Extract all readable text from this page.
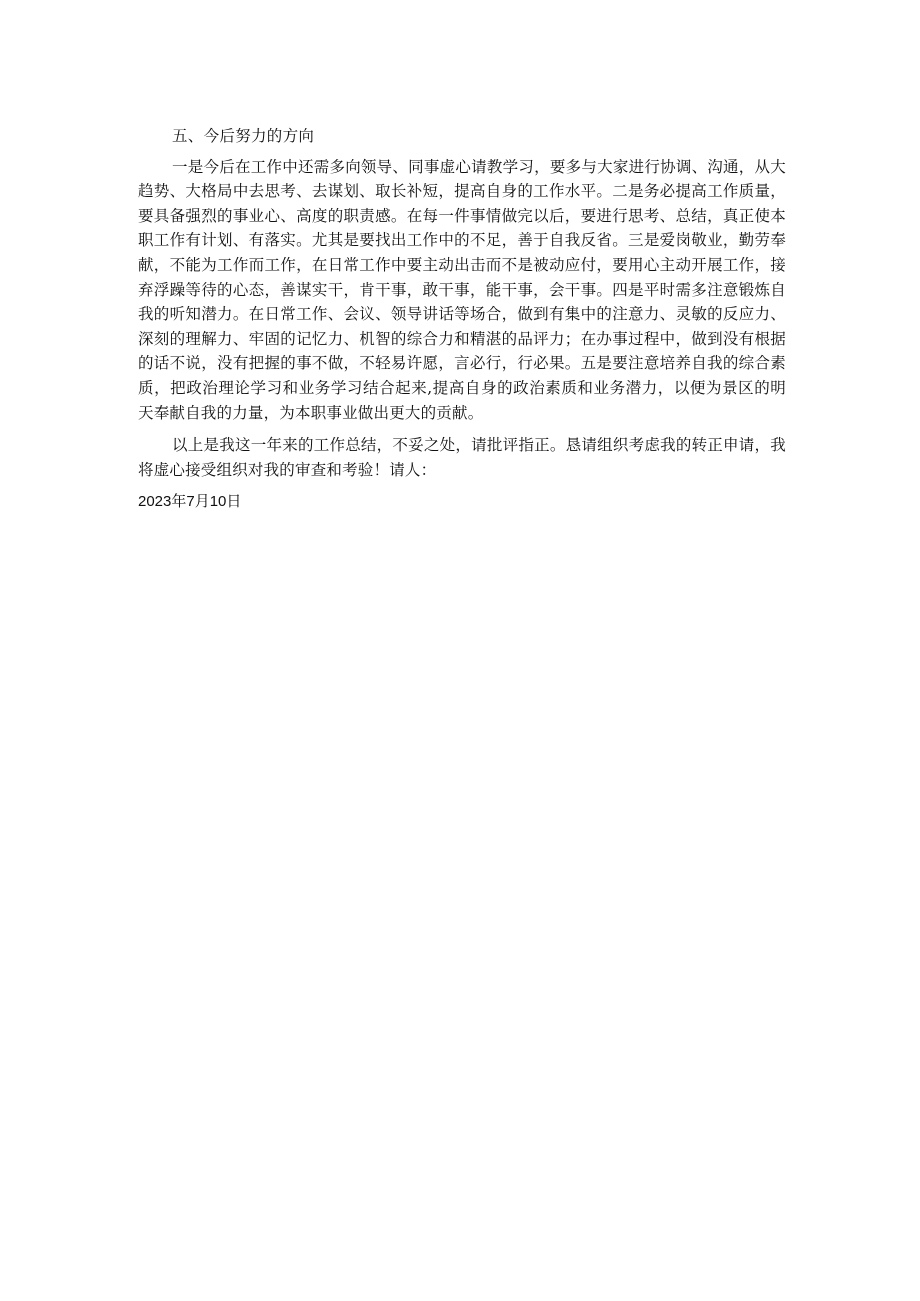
五、今后努力的方向

一是今后在工作中还需多向领导、同事虚心请教学习，要多与大家进行协调、沟通，从大趋势、大格局中去思考、去谋划、取长补短，提高自身的工作水平。二是务必提高工作质量，要具备强烈的事业心、高度的职责感。在每一件事情做完以后，要进行思考、总结，真正使本职工作有计划、有落实。尤其是要找出工作中的不足，善于自我反省。三是爱岗敬业，勤劳奉献，不能为工作而工作，在日常工作中要主动出击而不是被动应付，要用心主动开展工作，接弃浮躁等待的心态，善谋实干，肯干事，敢干事，能干事，会干事。四是平时需多注意锻炼自我的听知潜力。在日常工作、会议、领导讲话等场合，做到有集中的注意力、灵敏的反应力、深刻的理解力、牢固的记忆力、机智的综合力和精湛的品评力；在办事过程中，做到没有根据的话不说，没有把握的事不做，不轻易许愿，言必行，行必果。五是要注意培养自我的综合素质，把政治理论学习和业务学习结合起来,提高自身的政治素质和业务潜力，以便为景区的明天奉献自我的力量，为本职事业做出更大的贡献。

以上是我这一年来的工作总结，不妥之处，请批评指正。恳请组织考虑我的转正申请，我将虚心接受组织对我的审查和考验！请人：

2023年7月10日
